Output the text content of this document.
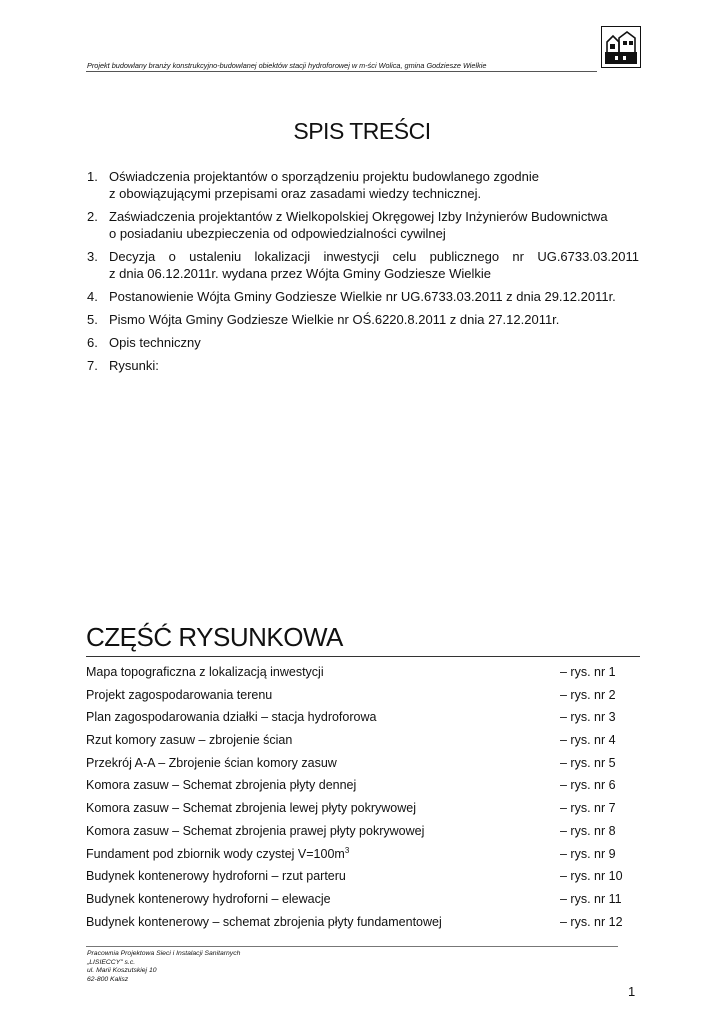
Projekt budowlany branży konstrukcyjno-budowlanej obiektów stacji hydroforowej w m-ści Wolica, gmina Godziesze Wielkie
SPIS TREŚCI
1. Oświadczenia projektantów o sporządzeniu projektu budowlanego zgodnie
z obowiązującymi przepisami oraz zasadami wiedzy technicznej.
2. Zaświadczenia projektantów z Wielkopolskiej Okręgowej Izby Inżynierów Budownictwa
o posiadaniu ubezpieczenia od odpowiedzialności cywilnej
3. Decyzja o ustaleniu lokalizacji inwestycji celu publicznego nr UG.6733.03.2011
z dnia 06.12.2011r. wydana przez Wójta Gminy Godziesze Wielkie
4. Postanowienie Wójta Gminy Godziesze Wielkie nr UG.6733.03.2011 z dnia 29.12.2011r.
5. Pismo Wójta Gminy Godziesze Wielkie nr OŚ.6220.8.2011 z dnia 27.12.2011r.
6. Opis techniczny
7. Rysunki:
CZĘŚĆ RYSUNKOWA
Mapa topograficzna z lokalizacją inwestycji	– rys. nr 1
Projekt zagospodarowania terenu	– rys. nr 2
Plan zagospodarowania działki – stacja hydroforowa	– rys. nr 3
Rzut komory zasuw – zbrojenie ścian	– rys. nr 4
Przekrój A-A – Zbrojenie ścian komory zasuw	– rys. nr 5
Komora zasuw – Schemat zbrojenia płyty dennej	– rys. nr 6
Komora zasuw – Schemat zbrojenia lewej płyty pokrywowej	– rys. nr 7
Komora zasuw – Schemat zbrojenia prawej płyty pokrywowej	– rys. nr 8
Fundament pod zbiornik wody czystej $V=100m^3$	– rys. nr 9
Budynek kontenerowy hydroforni – rzut parteru	– rys. nr 10
Budynek kontenerowy hydroforni – elewacje	– rys. nr 11
Budynek kontenerowy – schemat zbrojenia płyty fundamentowej	– rys. nr 12
Pracownia Projektowa Sieci i Instalacji Sanitarnych
„LISIECCY" s.c.
ul. Marii Koszutskiej 10
62-800 Kalisz
1
